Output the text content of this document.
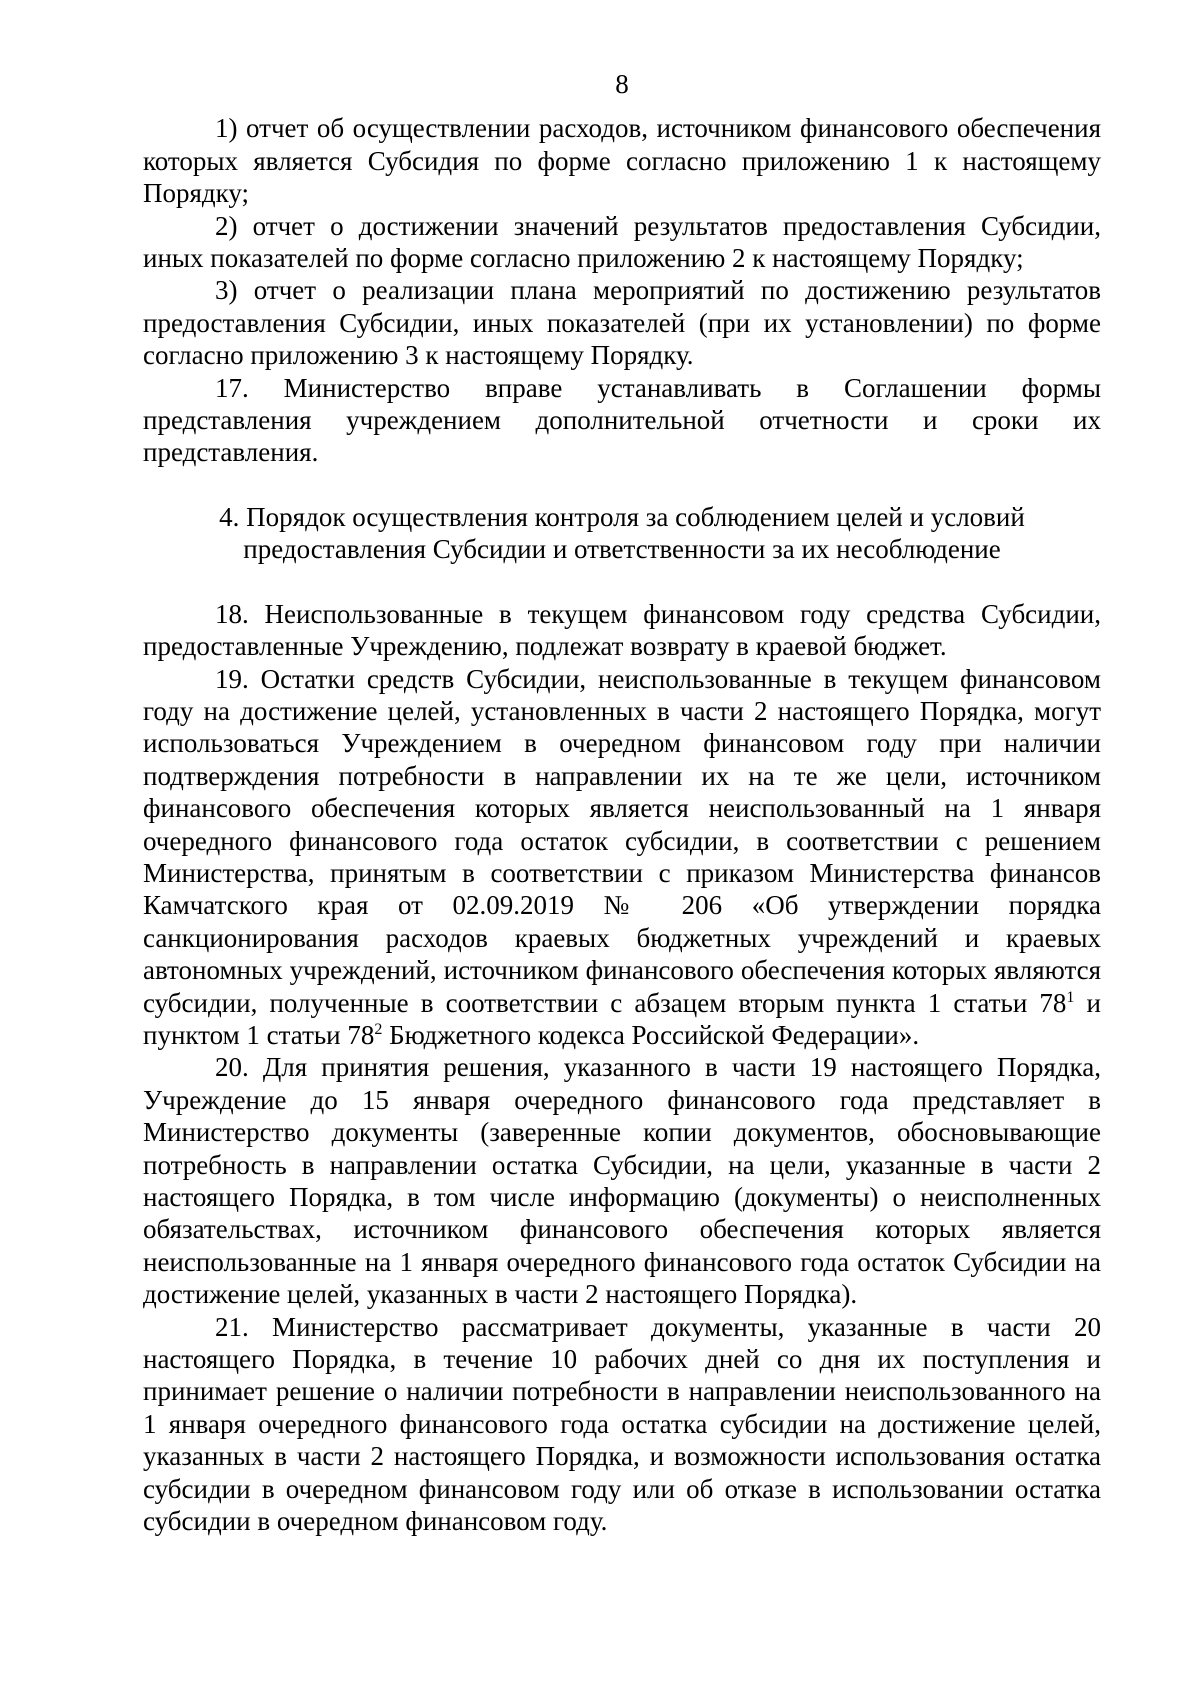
8

1) отчет об осуществлении расходов, источником финансового обеспечения которых является Субсидия по форме согласно приложению 1 к настоящему Порядку;

2) отчет о достижении значений результатов предоставления Субсидии, иных показателей по форме согласно приложению 2 к настоящему Порядку;

3) отчет о реализации плана мероприятий по достижению результатов предоставления Субсидии, иных показателей (при их установлении) по форме согласно приложению 3 к настоящему Порядку.

17. Министерство вправе устанавливать в Соглашении формы представления учреждением дополнительной отчетности и сроки их представления.

4. Порядок осуществления контроля за соблюдением целей и условий
предоставления Субсидии и ответственности за их несоблюдение

18. Неиспользованные в текущем финансовом году средства Субсидии, предоставленные Учреждению, подлежат возврату в краевой бюджет.

19. Остатки средств Субсидии, неиспользованные в текущем финансовом году на достижение целей, установленных в части 2 настоящего Порядка, могут использоваться Учреждением в очередном финансовом году при наличии подтверждения потребности в направлении их на те же цели, источником финансового обеспечения которых является неиспользованный на 1 января очередного финансового года остаток субсидии, в соответствии с решением Министерства, принятым в соответствии с приказом Министерства финансов Камчатского края от 02.09.2019 № 206 «Об утверждении порядка санкционирования расходов краевых бюджетных учреждений и краевых автономных учреждений, источником финансового обеспечения которых являются субсидии, полученные в соответствии с абзацем вторым пункта 1 статьи $78^1$ и пунктом 1 статьи $78^2$ Бюджетного кодекса Российской Федерации».

20. Для принятия решения, указанного в части 19 настоящего Порядка, Учреждение до 15 января очередного финансового года представляет в Министерство документы (заверенные копии документов, обосновывающие потребность в направлении остатка Субсидии, на цели, указанные в части 2 настоящего Порядка, в том числе информацию (документы) о неисполненных обязательствах, источником финансового обеспечения которых является неиспользованные на 1 января очередного финансового года остаток Субсидии на достижение целей, указанных в части 2 настоящего Порядка).

21. Министерство рассматривает документы, указанные в части 20 настоящего Порядка, в течение 10 рабочих дней со дня их поступления и принимает решение о наличии потребности в направлении неиспользованного на 1 января очередного финансового года остатка субсидии на достижение целей, указанных в части 2 настоящего Порядка, и возможности использования остатка субсидии в очередном финансовом году или об отказе в использовании остатка субсидии в очередном финансовом году.
